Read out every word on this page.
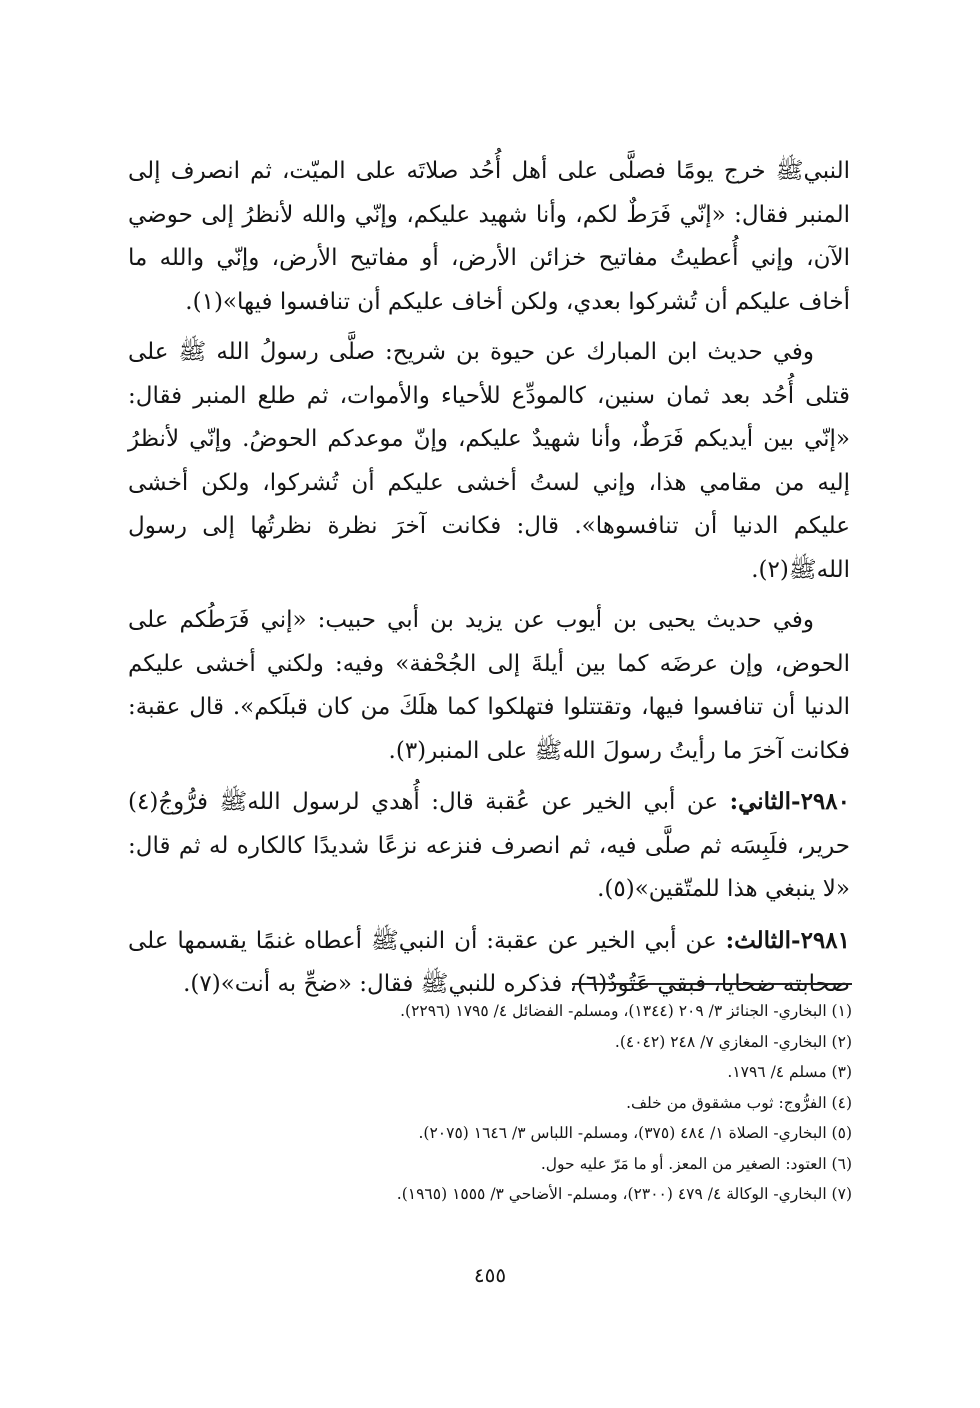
النبيﷺ خرج يومًا فصلَّى على أهل أُحُد صلاتَه على الميّت، ثم انصرف إلى المنبر فقال: «إنّي فَرَطٌ لكم، وأنا شهيد عليكم، وإنّي والله لأنظرُ إلى حوضي الآن، وإني أُعطيتُ مفاتيح خزائن الأرض، أو مفاتيح الأرض، وإنّي والله ما أخاف عليكم أن تُشركوا بعدي، ولكن أخاف عليكم أن تنافسوا فيها»(١).

وفي حديث ابن المبارك عن حيوة بن شريح: صلَّى رسولُ الله ﷺ على قتلى أُحُد بعد ثمان سنين، كالمودِّع للأحياء والأموات، ثم طلع المنبر فقال: «إنّي بين أيديكم فَرَطٌ، وأنا شهيدٌ عليكم، وإنّ موعدكم الحوضُ. وإنّي لأنظرُ إليه من مقامي هذا، وإني لستُ أخشى عليكم أن تُشركوا، ولكن أخشى عليكم الدنيا أن تنافسوها». قال: فكانت آخرَ نظرة نظرتُها إلى رسول اللهﷺ(٢).

وفي حديث يحيى بن أيوب عن يزيد بن أبي حبيب: «إني فَرَطُكم على الحوض، وإن عرضَه كما بين أيلةَ إلى الجُحْفة» وفيه: ولكني أخشى عليكم الدنيا أن تنافسوا فيها، وتقتتلوا فتهلكوا كما هلَكَ من كان قبلَكم». قال عقبة: فكانت آخرَ ما رأيتُ رسولَ اللهﷺ على المنبر(٣).

٢٩٨٠-الثاني: عن أبي الخير عن عُقبة قال: أُهدي لرسول اللهﷺ فرُّوجُ(٤) حرير، فلَبِسَه ثم صلَّى فيه، ثم انصرف فنزعه نزعًا شديدًا كالكاره له ثم قال: «لا ينبغي هذا للمتّقين»(٥).

٢٩٨١-الثالث: عن أبي الخير عن عقبة: أن النبيﷺ أعطاه غنمًا يقسمها على صحابته ضحايا، فبقي عَتُودٌ(٦)، فذكره للنبيﷺ فقال: «ضحِّ به أنت»(٧).

(١) البخاري- الجنائز ٣/ ٢٠٩ (١٣٤٤)، ومسلم- الفضائل ٤/ ١٧٩٥ (٢٢٩٦).
(٢) البخاري- المغازي ٧/ ٢٤٨ (٤٠٤٢).
(٣) مسلم ٤/ ١٧٩٦.
(٤) الفرُّوج: ثوب مشقوق من خلف.
(٥) البخاري- الصلاة ١/ ٤٨٤ (٣٧٥)، ومسلم- اللباس ٣/ ١٦٤٦ (٢٠٧٥).
(٦) العتود: الصغير من المعز. أو ما مَرّ عليه حول.
(٧) البخاري- الوكالة ٤/ ٤٧٩ (٢٣٠٠)، ومسلم- الأضاحي ٣/ ١٥٥٥ (١٩٦٥).
٤٥٥
